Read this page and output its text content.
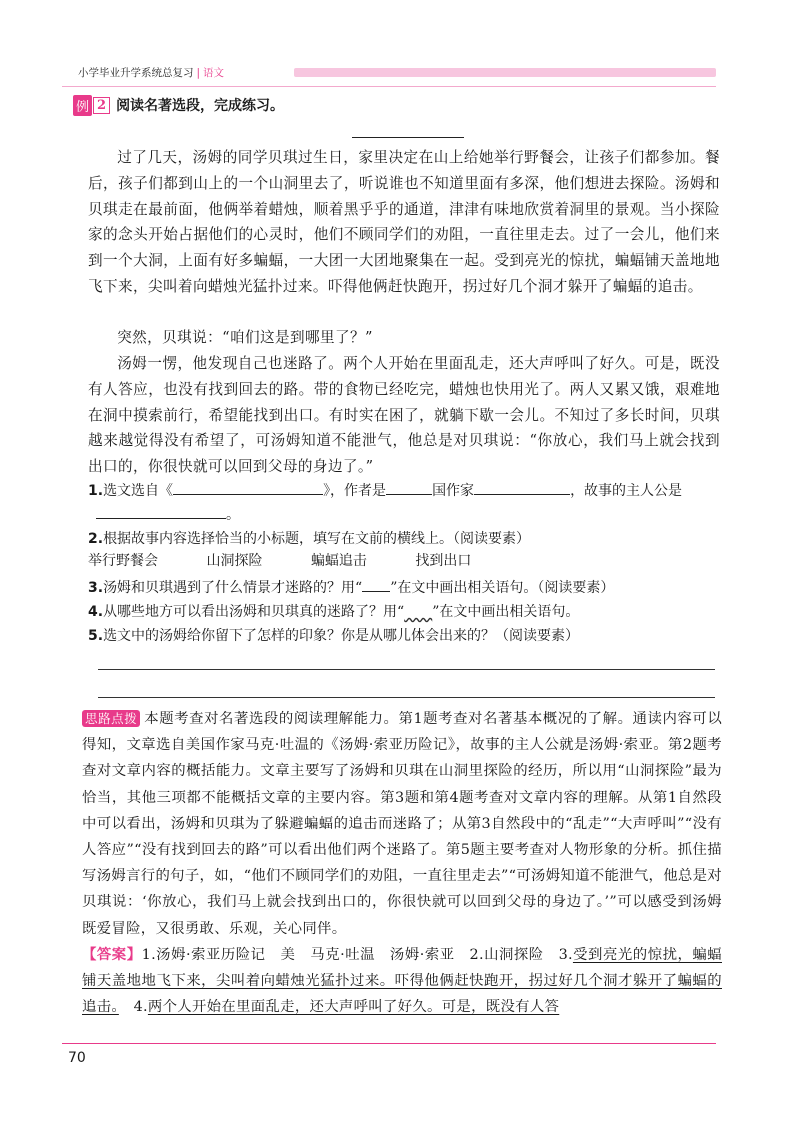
小学毕业升学系统总复习 | 语文
例 2 阅读名著选段，完成练习。
过了几天，汤姆的同学贝琪过生日，家里决定在山上给她举行野餐会，让孩子们都参加。餐后，孩子们都到山上的一个山洞里去了，听说谁也不知道里面有多深，他们想进去探险。汤姆和贝琪走在最前面，他俩举着蜡烛，顺着黑乎乎的通道，津津有味地欣赏着洞里的景观。当小探险家的念头开始占据他们的心灵时，他们不顾同学们的劝阻，一直往里走去。过了一会儿，他们来到一个大洞，上面有好多蝙蝠，一大团一大团地聚集在一起。受到亮光的惊扰，蝙蝠铺天盖地地飞下来，尖叫着向蜡烛光猛扑过来。吓得他俩赶快跑开，拐过好几个洞才躲开了蝙蝠的追击。
突然，贝琪说：“咱们这是到哪里了？”
汤姆一愣，他发现自己也迷路了。两个人开始在里面乱走，还大声呼叫了好久。可是，既没有人答应，也没有找到回去的路。带的食物已经吃完，蜡烛也快用光了。两人又累又饿，艰难地在洞中摸索前行，希望能找到出口。有时实在困了，就躺下歇一会儿。不知过了多长时间，贝琪越来越觉得没有希望了，可汤姆知道不能泄气，他总是对贝琪说：“你放心，我们马上就会找到出口的，你很快就可以回到父母的身边了。”
1.选文选自《	》，作者是	国作家	，故事的主人公是
。
2.根据故事内容选择恰当的小标题，填写在文前的横线上。（阅读要素）
举行野餐会	山洞探险	蝙蝠追击	找到出口
3.汤姆和贝琪遇到了什么情景才迷路的？用“ ”在文中画出相关语句。（阅读要素）
4.从哪些地方可以看出汤姆和贝琪真的迷路了？用“ ”在文中画出相关语句。
5.选文中的汤姆给你留下了怎样的印象？你是从哪儿体会出来的？（阅读要素）
思路点拨 本题考查对名著选段的阅读理解能力。第1题考查对名著基本概况的了解。通读内容可以得知，文章选自美国作家马克·吐温的《汤姆·索亚历险记》，故事的主人公就是汤姆·索亚。第2题考查对文章内容的概括能力。文章主要写了汤姆和贝琪在山洞里探险的经历，所以用“山洞探险”最为恰当，其他三项都不能概括文章的主要内容。第3题和第4题考查对文章内容的理解。从第1自然段中可以看出，汤姆和贝琪为了躲避蝙蝠的追击而迷路了；从第3自然段中的“乱走”“大声呼叫”“没有人答应”“没有找到回去的路”可以看出他们两个迷路了。第5题主要考查对人物形象的分析。抓住描写汤姆言行的句子，如，“他们不顾同学们的劝阻，一直往里走去”“可汤姆知道不能泄气，他总是对贝琪说：‘你放心，我们马上就会找到出口的，你很快就可以回到父母的身边了。’”可以感受到汤姆既爱冒险，又很勇敢、乐观，关心同伴。
【答案】1.汤姆·索亚历险记　美　马克·吐温　汤姆·索亚　2.山洞探险　3.受到亮光的惊扰，蝙蝠铺天盖地地飞下来，尖叫着向蜡烛光猛扑过来。吓得他俩赶快跑开，拐过好几个洞才躲开了蝙蝠的追击。　4.两个人开始在里面乱走，还大声呼叫了好久。可是，既没有人答
70
